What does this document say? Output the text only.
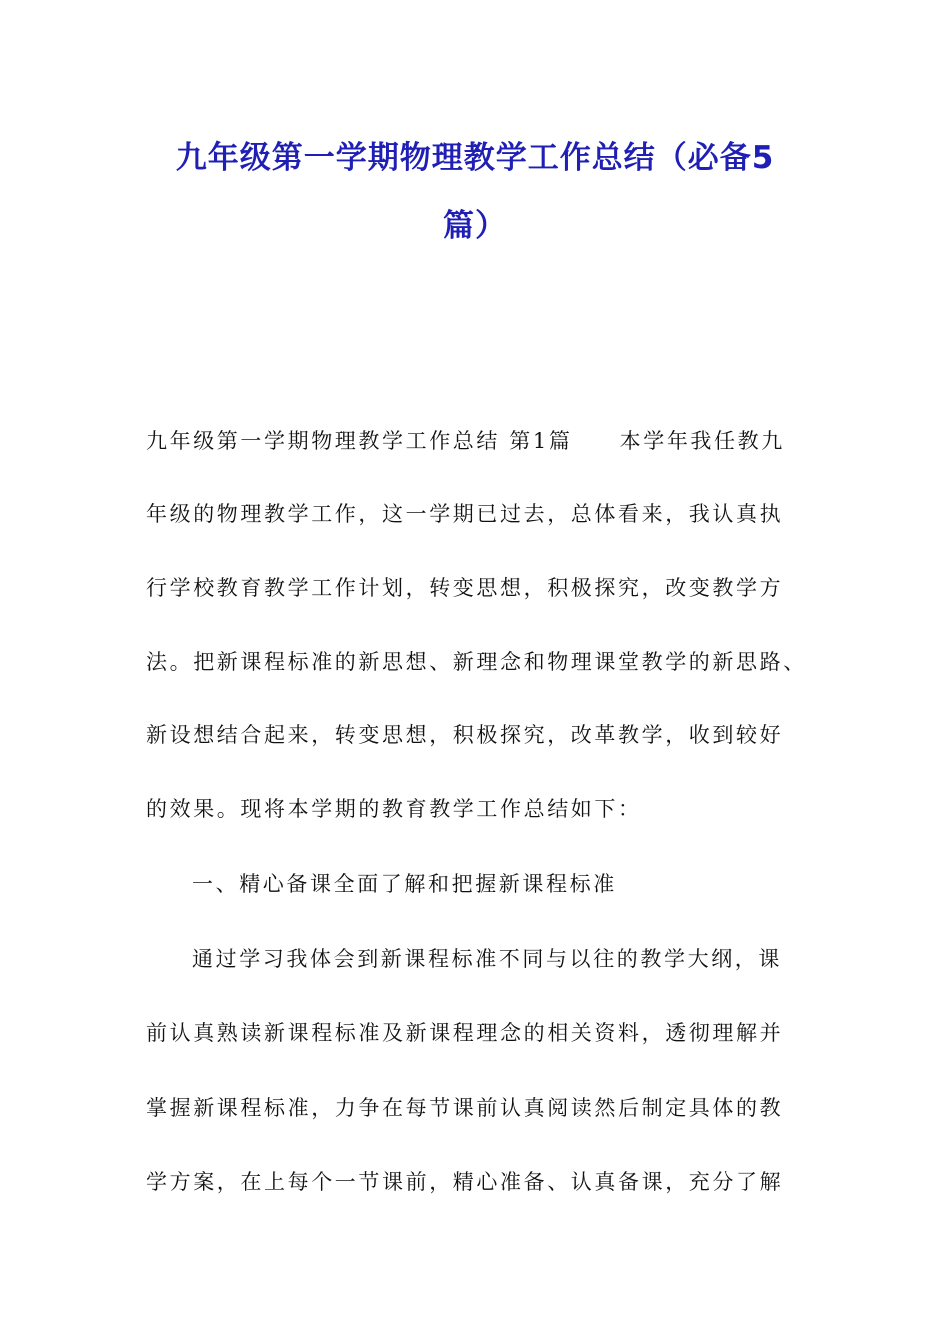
九年级第一学期物理教学工作总结（必备5
篇）
九年级第一学期物理教学工作总结 第1篇　　本学年我任教九
年级的物理教学工作，这一学期已过去，总体看来，我认真执
行学校教育教学工作计划，转变思想，积极探究，改变教学方
法。把新课程标准的新思想、新理念和物理课堂教学的新思路、
新设想结合起来，转变思想，积极探究，改革教学，收到较好
的效果。现将本学期的教育教学工作总结如下：
一、精心备课全面了解和把握新课程标准
通过学习我体会到新课程标准不同与以往的教学大纲，课
前认真熟读新课程标准及新课程理念的相关资料，透彻理解并
掌握新课程标准，力争在每节课前认真阅读然后制定具体的教
学方案，在上每个一节课前，精心准备、认真备课，充分了解
